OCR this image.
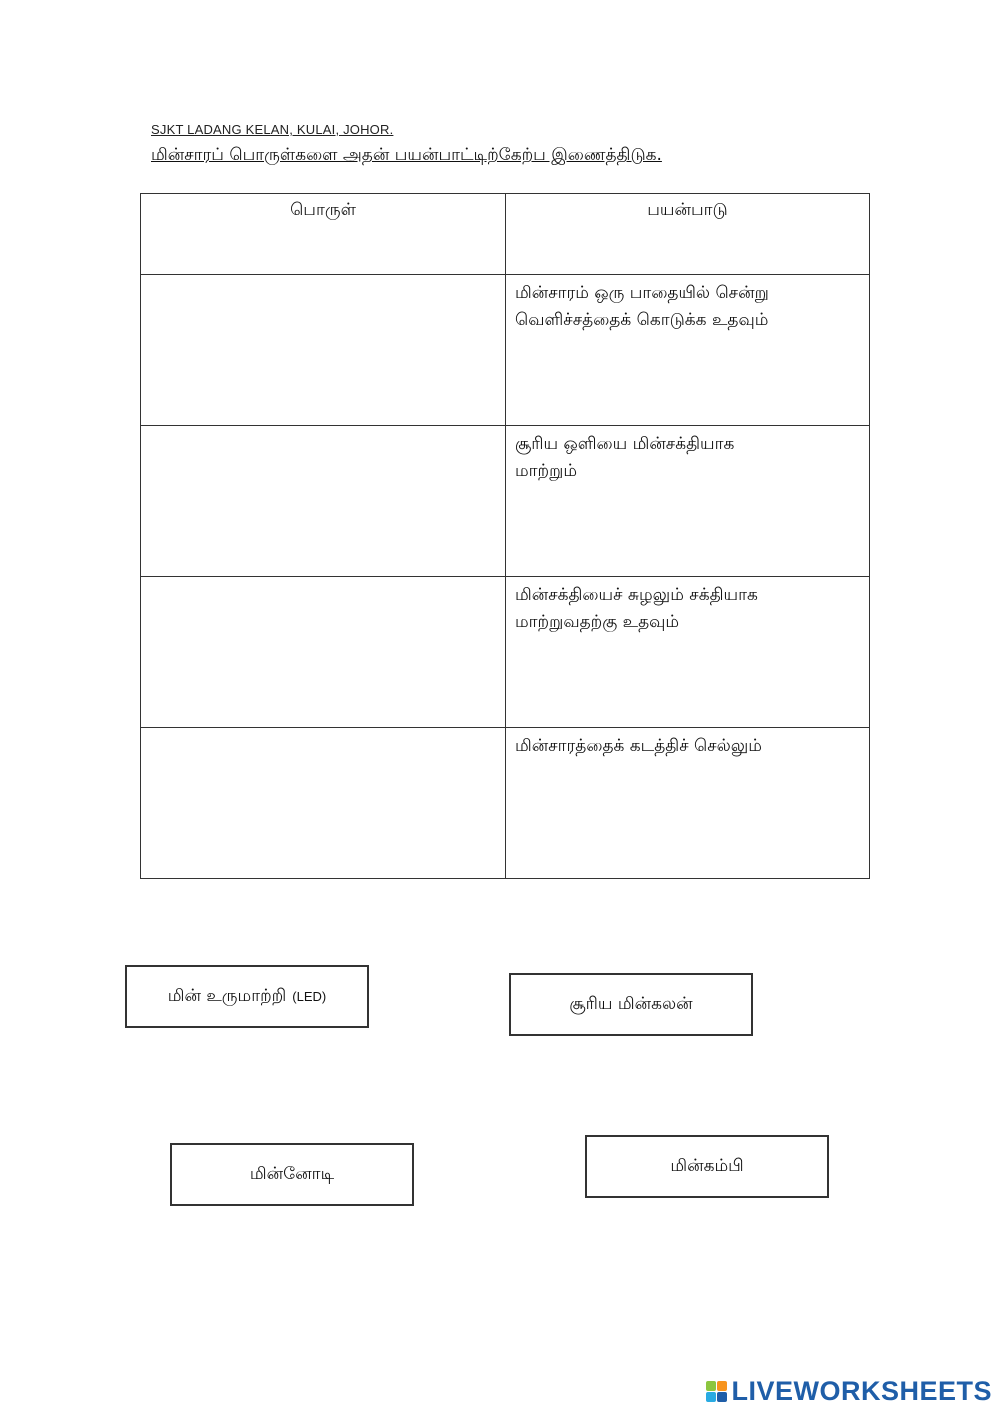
SJKT LADANG KELAN, KULAI, JOHOR.
மின்சாரப் பொருள்களை அதன் பயன்பாட்டிற்கேற்ப இணைத்திடுக.
பொருள்	பயன்பாடு

	மின்சாரம் ஒரு பாதையில் சென்று
வெளிச்சத்தைக் கொடுக்க உதவும்

	சூரிய ஒளியை மின்சக்தியாக
மாற்றும்

	மின்சக்தியைச் சுழலும் சக்தியாக
மாற்றுவதற்கு உதவும்

	மின்சாரத்தைக் கடத்திச் செல்லும்
மின் உருமாற்றி (LED)	சூரிய மின்கலன்
மின்னோடி	மின்கம்பி
LIVEWORKSHEETS
